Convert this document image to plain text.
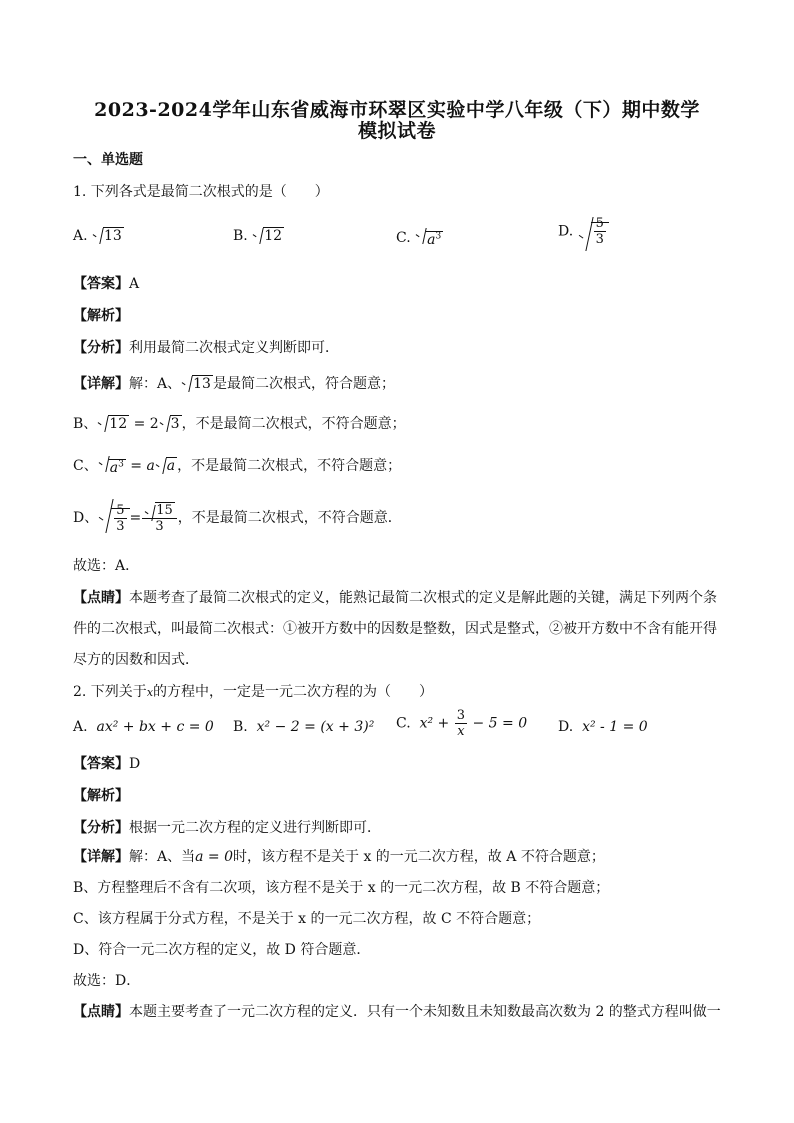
2023-2024学年山东省威海市环翠区实验中学八年级（下）期中数学
模拟试卷
一、单选题
1. 下列各式是最简二次根式的是（　　）
A. 13	B. 12	C. $a^3$	D. $\frac{5}{3}$
【答案】A
【解析】
【分析】利用最简二次根式定义判断即可．
【详解】解：A、 13 是最简二次根式，符合题意；
B、 12 = 2 3 ，不是最简二次根式，不符合题意；
C、 $a^3 = a$ a ，不是最简二次根式，不符合题意；
D、 $\frac{5}{3} = \frac{15}{3}$ ，不是最简二次根式，不符合题意．
故选：A．
【点睛】本题考查了最简二次根式的定义，能熟记最简二次根式的定义是解此题的关键，满足下列两个条
件的二次根式，叫最简二次根式：①被开方数中的因数是整数，因式是整式，②被开方数中不含有能开得
尽方的因数和因式．
2. 下列关于x的方程中，一定是一元二次方程的为（　　）
A. ax² + bx + c = 0 B. x² − 2 = (x + 3)² C. $x^2 + \frac{3}{x} - 5 = 0$ D. x² - 1 = 0
【答案】D
【解析】
【分析】根据一元二次方程的定义进行判断即可．
【详解】解：A、当a = 0时，该方程不是关于 x 的一元二次方程，故 A 不符合题意；
B、方程整理后不含有二次项，该方程不是关于 x 的一元二次方程，故 B 不符合题意；
C、该方程属于分式方程，不是关于 x 的一元二次方程，故 C 不符合题意；
D、符合一元二次方程的定义，故 D 符合题意．
故选：D．
【点睛】本题主要考查了一元二次方程的定义．只有一个未知数且未知数最高次数为 2 的整式方程叫做一
